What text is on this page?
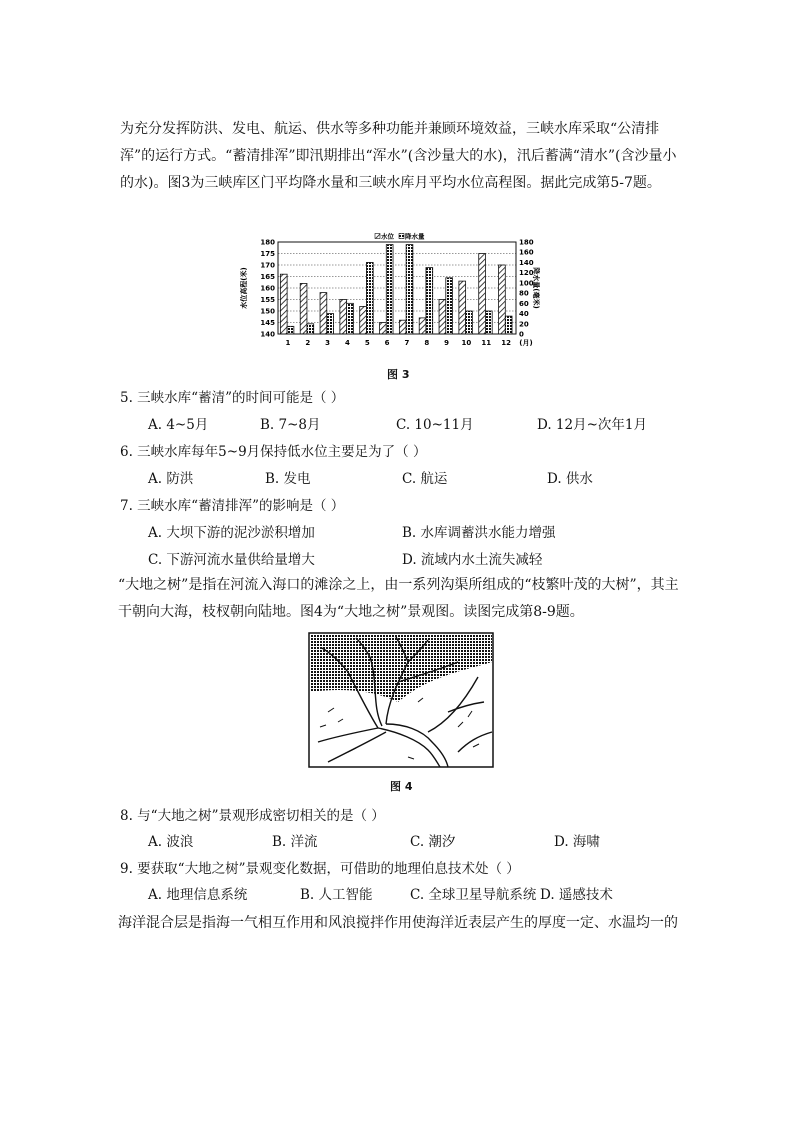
为充分发挥防洪、发电、航运、供水等多种功能并兼顾环境效益，三峡水库采取“公清排浑”的运行方式。“蓄清排浑”即汛期排出“浑水”(含沙量大的水)，汛后蓄满“清水”(含沙量小的水)。图3为三峡库区门平均降水量和三峡水库月平均水位高程图。据此完成第5-7题。
水位 降水量
1 2 3 4 5 6 7 8 9 10 11 12 (月)
180
175
170
165
160
155
150
145
140
180
160
140
120
100
80
60
40
20
0
水位高程(米)	降水量(毫米)
图 3
5. 三峡水库“蓄清”的时间可能是（ ）
A. 4~5月	B. 7~8月	C. 10~11月	D. 12月~次年1月
6. 三峡水库每年5~9月保持低水位主要足为了（ ）
A. 防洪	B. 发电	C. 航运	D. 供水
7. 三峡水库“蓄清排浑”的影响是（ ）
A. 大坝下游的泥沙淤积增加	B. 水库调蓄洪水能力增强
C. 下游河流水量供给量增大	D. 流域内水土流失减轻
“大地之树”是指在河流入海口的滩涂之上，由一系列沟渠所组成的“枝繁叶茂的大树”，其主干朝向大海，枝杈朝向陆地。图4为“大地之树”景观图。读图完成第8-9题。
图 4
8. 与“大地之树”景观形成密切相关的是（ ）
A. 波浪	B. 洋流	C. 潮汐	D. 海啸
9. 要获取“大地之树”景观变化数据，可借助的地理伯息技术处（ ）
A. 地理信息系统	B. 人工智能	C. 全球卫星导航系统 D. 遥感技术
海洋混合层是指海一气相互作用和风浪搅拌作用使海洋近表层产生的厚度一定、水温均一的
